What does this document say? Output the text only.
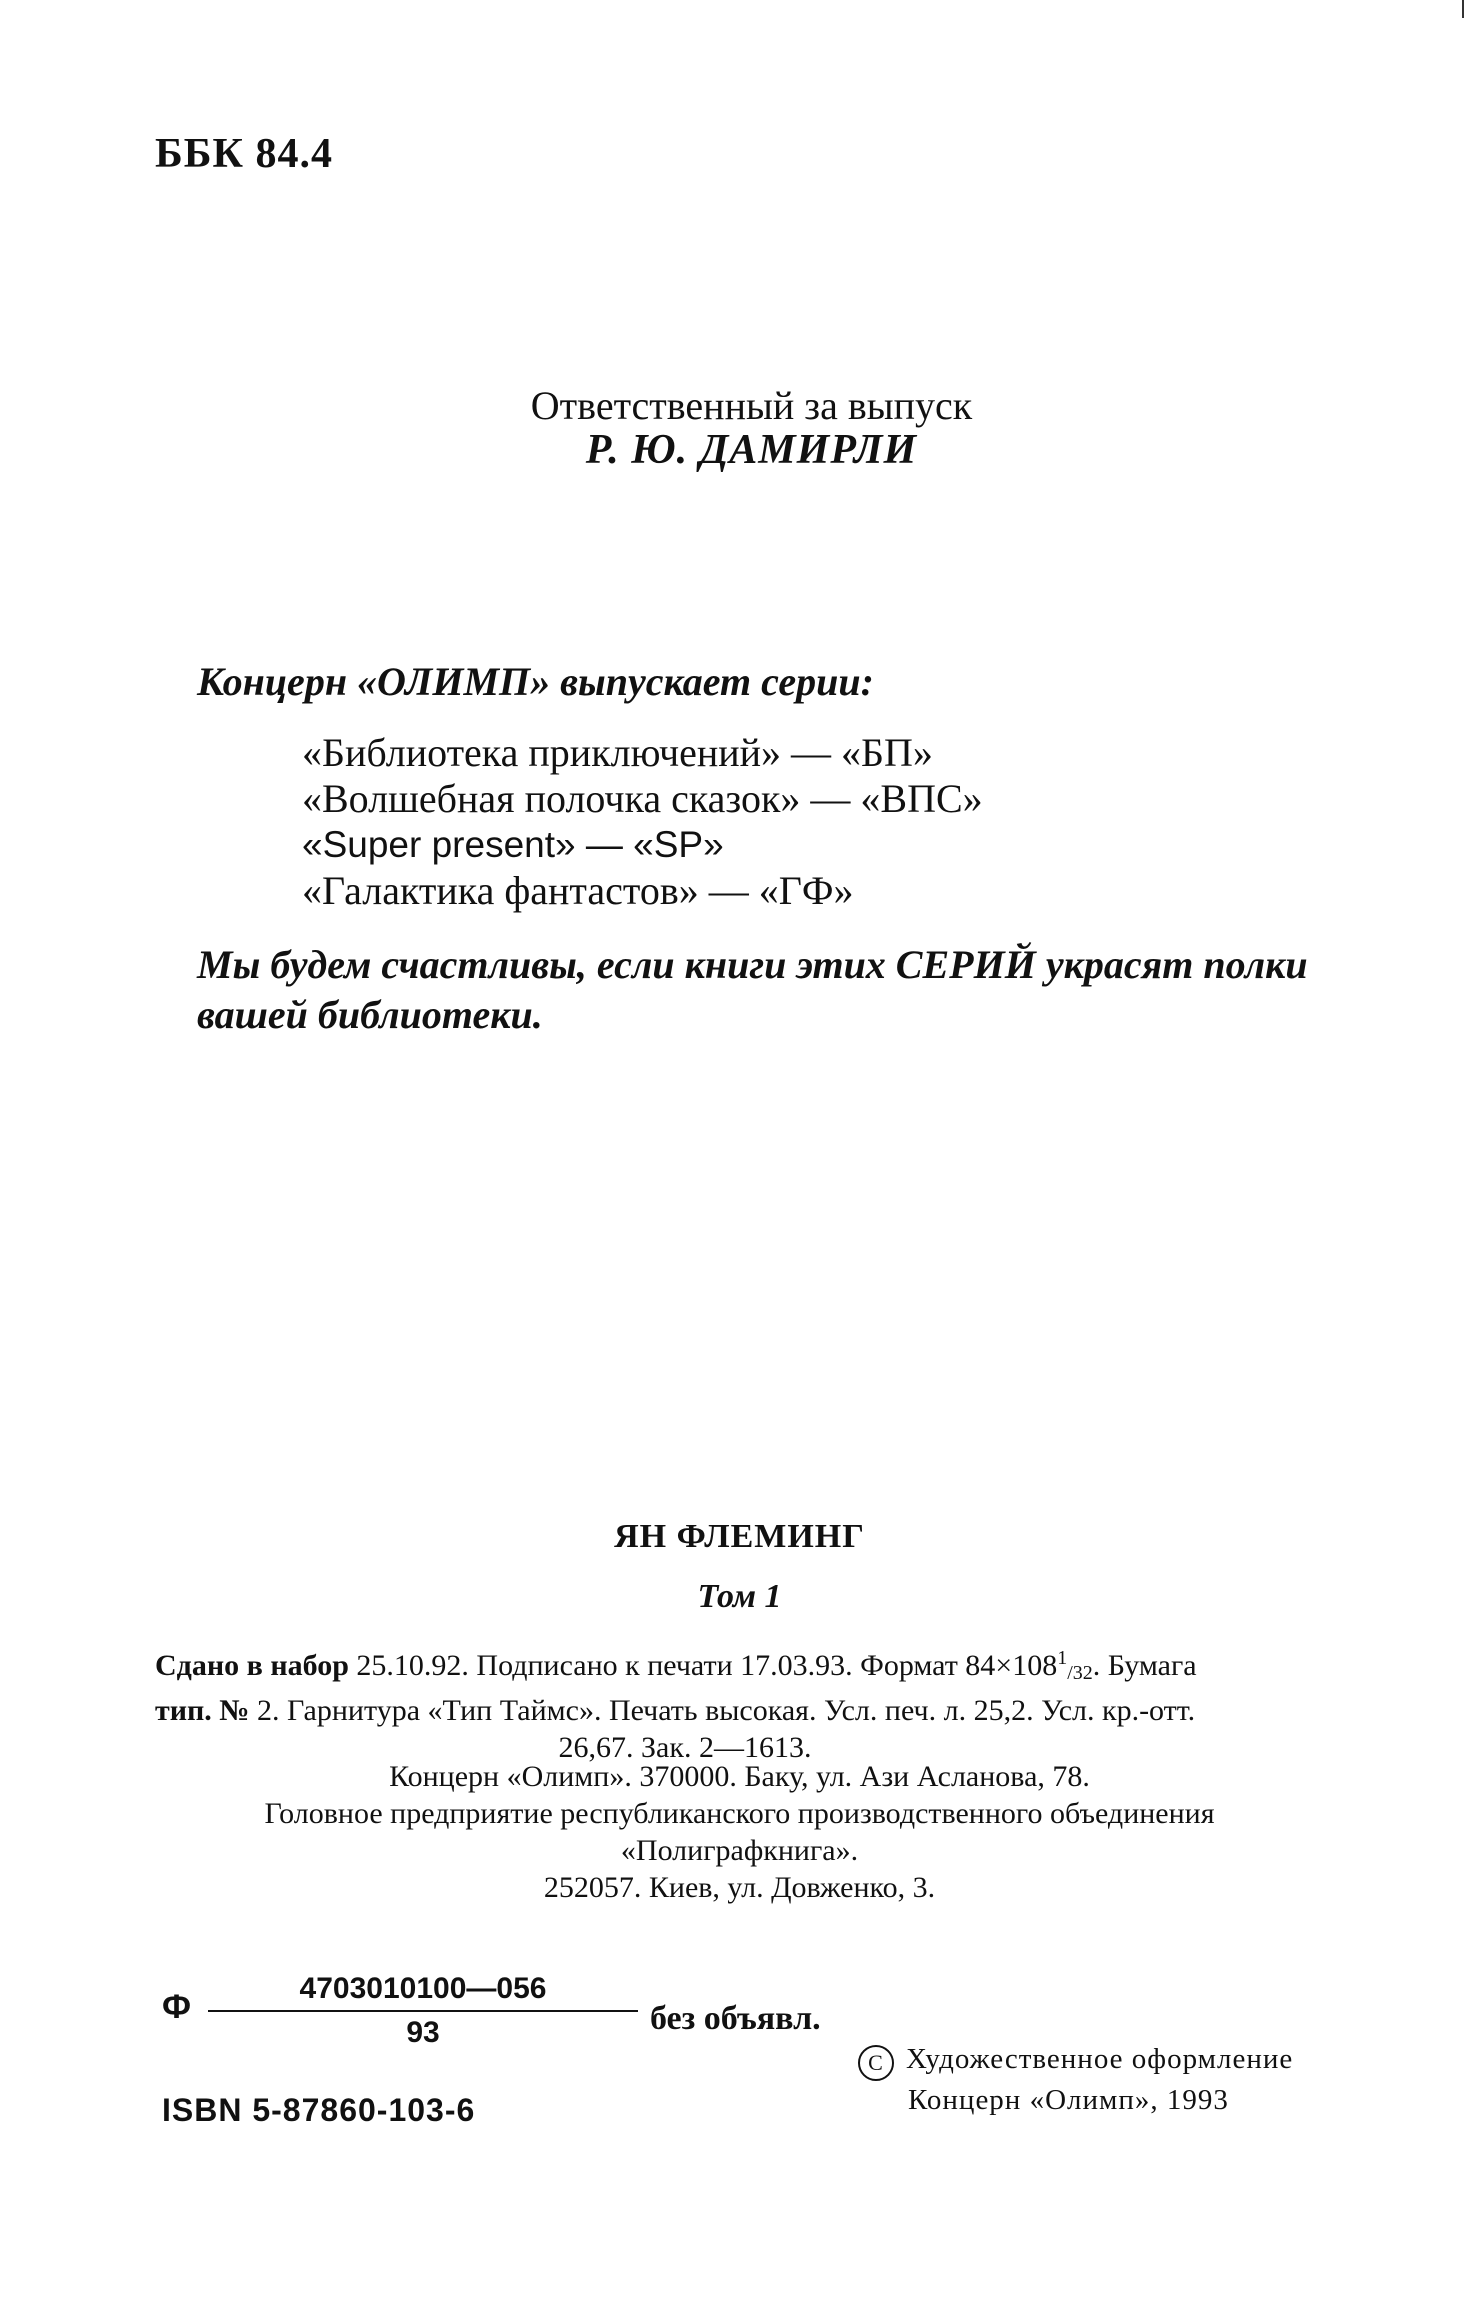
ББК 84.4
Ответственный за выпуск
Р. Ю. ДАМИРЛИ
Концерн «ОЛИМП» выпускает серии:
«Библиотека приключений» — «БП»
«Волшебная полочка сказок» — «ВПС»
«Super present» — «SP»
«Галактика фантастов» — «ГФ»
Мы будем счастливы, если книги этих СЕРИЙ украсят полки вашей библиотеки.
ЯН ФЛЕМИНГ
Том 1
Сдано в набор 25.10.92. Подписано к печати 17.03.93. Формат $84\times 108^1_{/32}$. Бумага
тип. № 2. Гарнитура «Тип Таймс». Печать высокая. Усл. печ. л. 25,2. Усл. кр.-отт.
26,67. Зак. 2—1613.
Концерн «Олимп». 370000. Баку, ул. Ази Асланова, 78.
Головное предприятие республиканского производственного объединения
«Полиграфкнига».
252057. Киев, ул. Довженко, 3.
Ф	4703010100—056
93	без объявл.
ISBN 5-87860-103-6
C Художественное оформление
Концерн «Олимп», 1993
